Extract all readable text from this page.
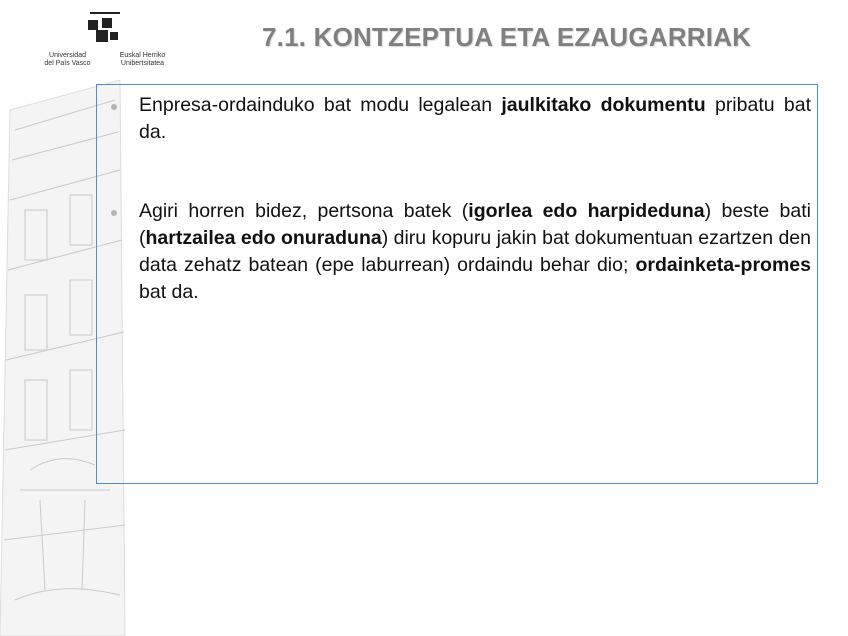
Universidad
del País Vasco
Euskal Herriko
Unibertsitatea
7.1. KONTZEPTUA ETA EZAUGARRIAK
Enpresa-ordainduko bat modu legalean jaulkitako dokumentu pribatu bat da.
Agiri horren bidez, pertsona batek (igorlea edo harpideduna) beste bati (hartzailea edo onuraduna) diru kopuru jakin bat dokumentuan ezartzen den data zehatz batean (epe laburrean) ordaindu behar dio; ordainketa-promes bat da.
